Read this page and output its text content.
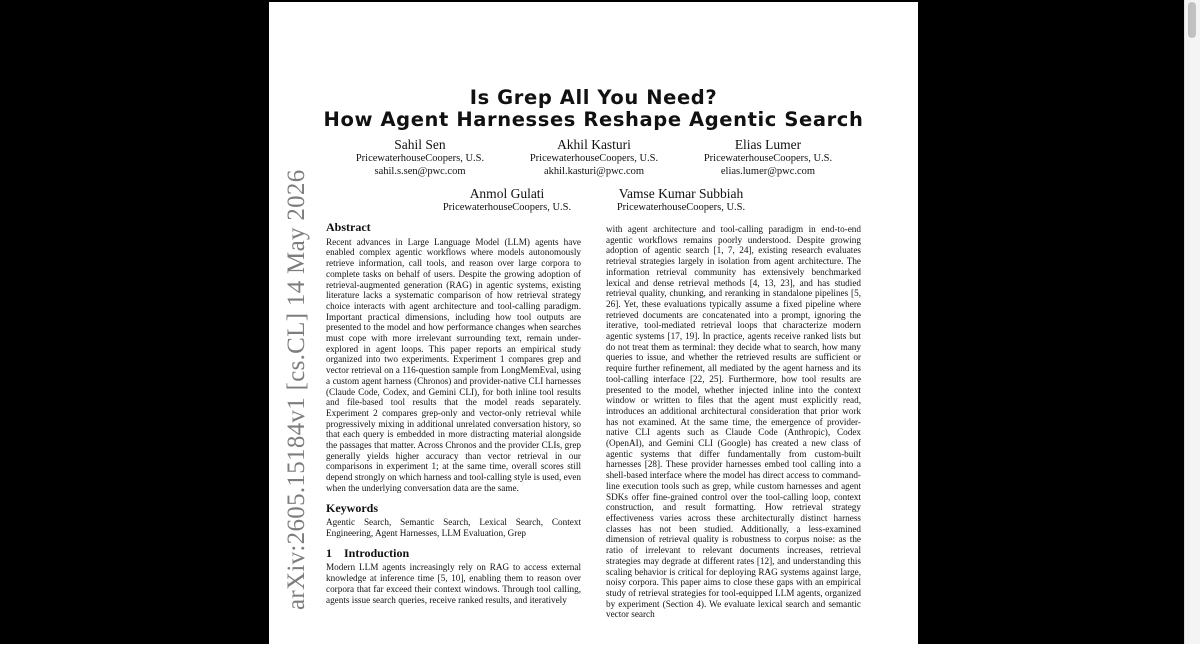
Is Grep All You Need?
How Agent Harnesses Reshape Agentic Search
Sahil Sen
PricewaterhouseCoopers, U.S.
sahil.s.sen@pwc.com
Akhil Kasturi
PricewaterhouseCoopers, U.S.
akhil.kasturi@pwc.com
Elias Lumer
PricewaterhouseCoopers, U.S.
elias.lumer@pwc.com
Anmol Gulati
PricewaterhouseCoopers, U.S.
Vamse Kumar Subbiah
PricewaterhouseCoopers, U.S.

Abstract

Recent advances in Large Language Model (LLM) agents have enabled complex agentic workflows where models autonomously retrieve information, call tools, and reason over large corpora to complete tasks on behalf of users. Despite the growing adoption of retrieval-augmented generation (RAG) in agentic systems, existing literature lacks a systematic comparison of how retrieval strategy choice interacts with agent architecture and tool-calling paradigm. Important practical dimensions, including how tool outputs are presented to the model and how performance changes when searches must cope with more irrelevant surrounding text, remain under-explored in agent loops. This paper reports an empirical study organized into two experiments. Experiment 1 compares grep and vector retrieval on a 116-question sample from LongMemEval, using a custom agent harness (Chronos) and provider-native CLI harnesses (Claude Code, Codex, and Gemini CLI), for both inline tool results and file-based tool results that the model reads separately. Experiment 2 compares grep-only and vector-only retrieval while progressively mixing in additional unrelated conversation history, so that each query is embedded in more distracting material alongside the passages that matter. Across Chronos and the provider CLIs, grep generally yields higher accuracy than vector retrieval in our comparisons in experiment 1; at the same time, overall scores still depend strongly on which harness and tool-calling style is used, even when the underlying conversation data are the same.

Keywords

Agentic Search, Semantic Search, Lexical Search, Context Engineering, Agent Harnesses, LLM Evaluation, Grep

1 Introduction

Modern LLM agents increasingly rely on RAG to access external knowledge at inference time [5, 10], enabling them to reason over corpora that far exceed their context windows. Through tool calling, agents issue search queries, receive ranked results, and iteratively

with agent architecture and tool-calling paradigm in end-to-end agentic workflows remains poorly understood. Despite growing adoption of agentic search [1, 7, 24], existing research evaluates retrieval strategies largely in isolation from agent architecture. The information retrieval community has extensively benchmarked lexical and dense retrieval methods [4, 13, 23], and has studied retrieval quality, chunking, and reranking in standalone pipelines [5, 26]. Yet, these evaluations typically assume a fixed pipeline where retrieved documents are concatenated into a prompt, ignoring the iterative, tool-mediated retrieval loops that characterize modern agentic systems [17, 19]. In practice, agents receive ranked lists but do not treat them as terminal: they decide what to search, how many queries to issue, and whether the retrieved results are sufficient or require further refinement, all mediated by the agent harness and its tool-calling interface [22, 25]. Furthermore, how tool results are presented to the model, whether injected inline into the context window or written to files that the agent must explicitly read, introduces an additional architectural consideration that prior work has not examined. At the same time, the emergence of provider-native CLI agents such as Claude Code (Anthropic), Codex (OpenAI), and Gemini CLI (Google) has created a new class of agentic systems that differ fundamentally from custom-built harnesses [28]. These provider harnesses embed tool calling into a shell-based interface where the model has direct access to command-line execution tools such as grep, while custom harnesses and agent SDKs offer fine-grained control over the tool-calling loop, context construction, and result formatting. How retrieval strategy effectiveness varies across these architecturally distinct harness classes has not been studied. Additionally, a less-examined dimension of retrieval quality is robustness to corpus noise: as the ratio of irrelevant to relevant documents increases, retrieval strategies may degrade at different rates [12], and understanding this scaling behavior is critical for deploying RAG systems against large, noisy corpora. This paper aims to close these gaps with an empirical study of retrieval strategies for tool-equipped LLM agents, organized by experiment (Section 4). We evaluate lexical search and semantic vector search

arXiv:2605.15184v1 [cs.CL] 14 May 2026
